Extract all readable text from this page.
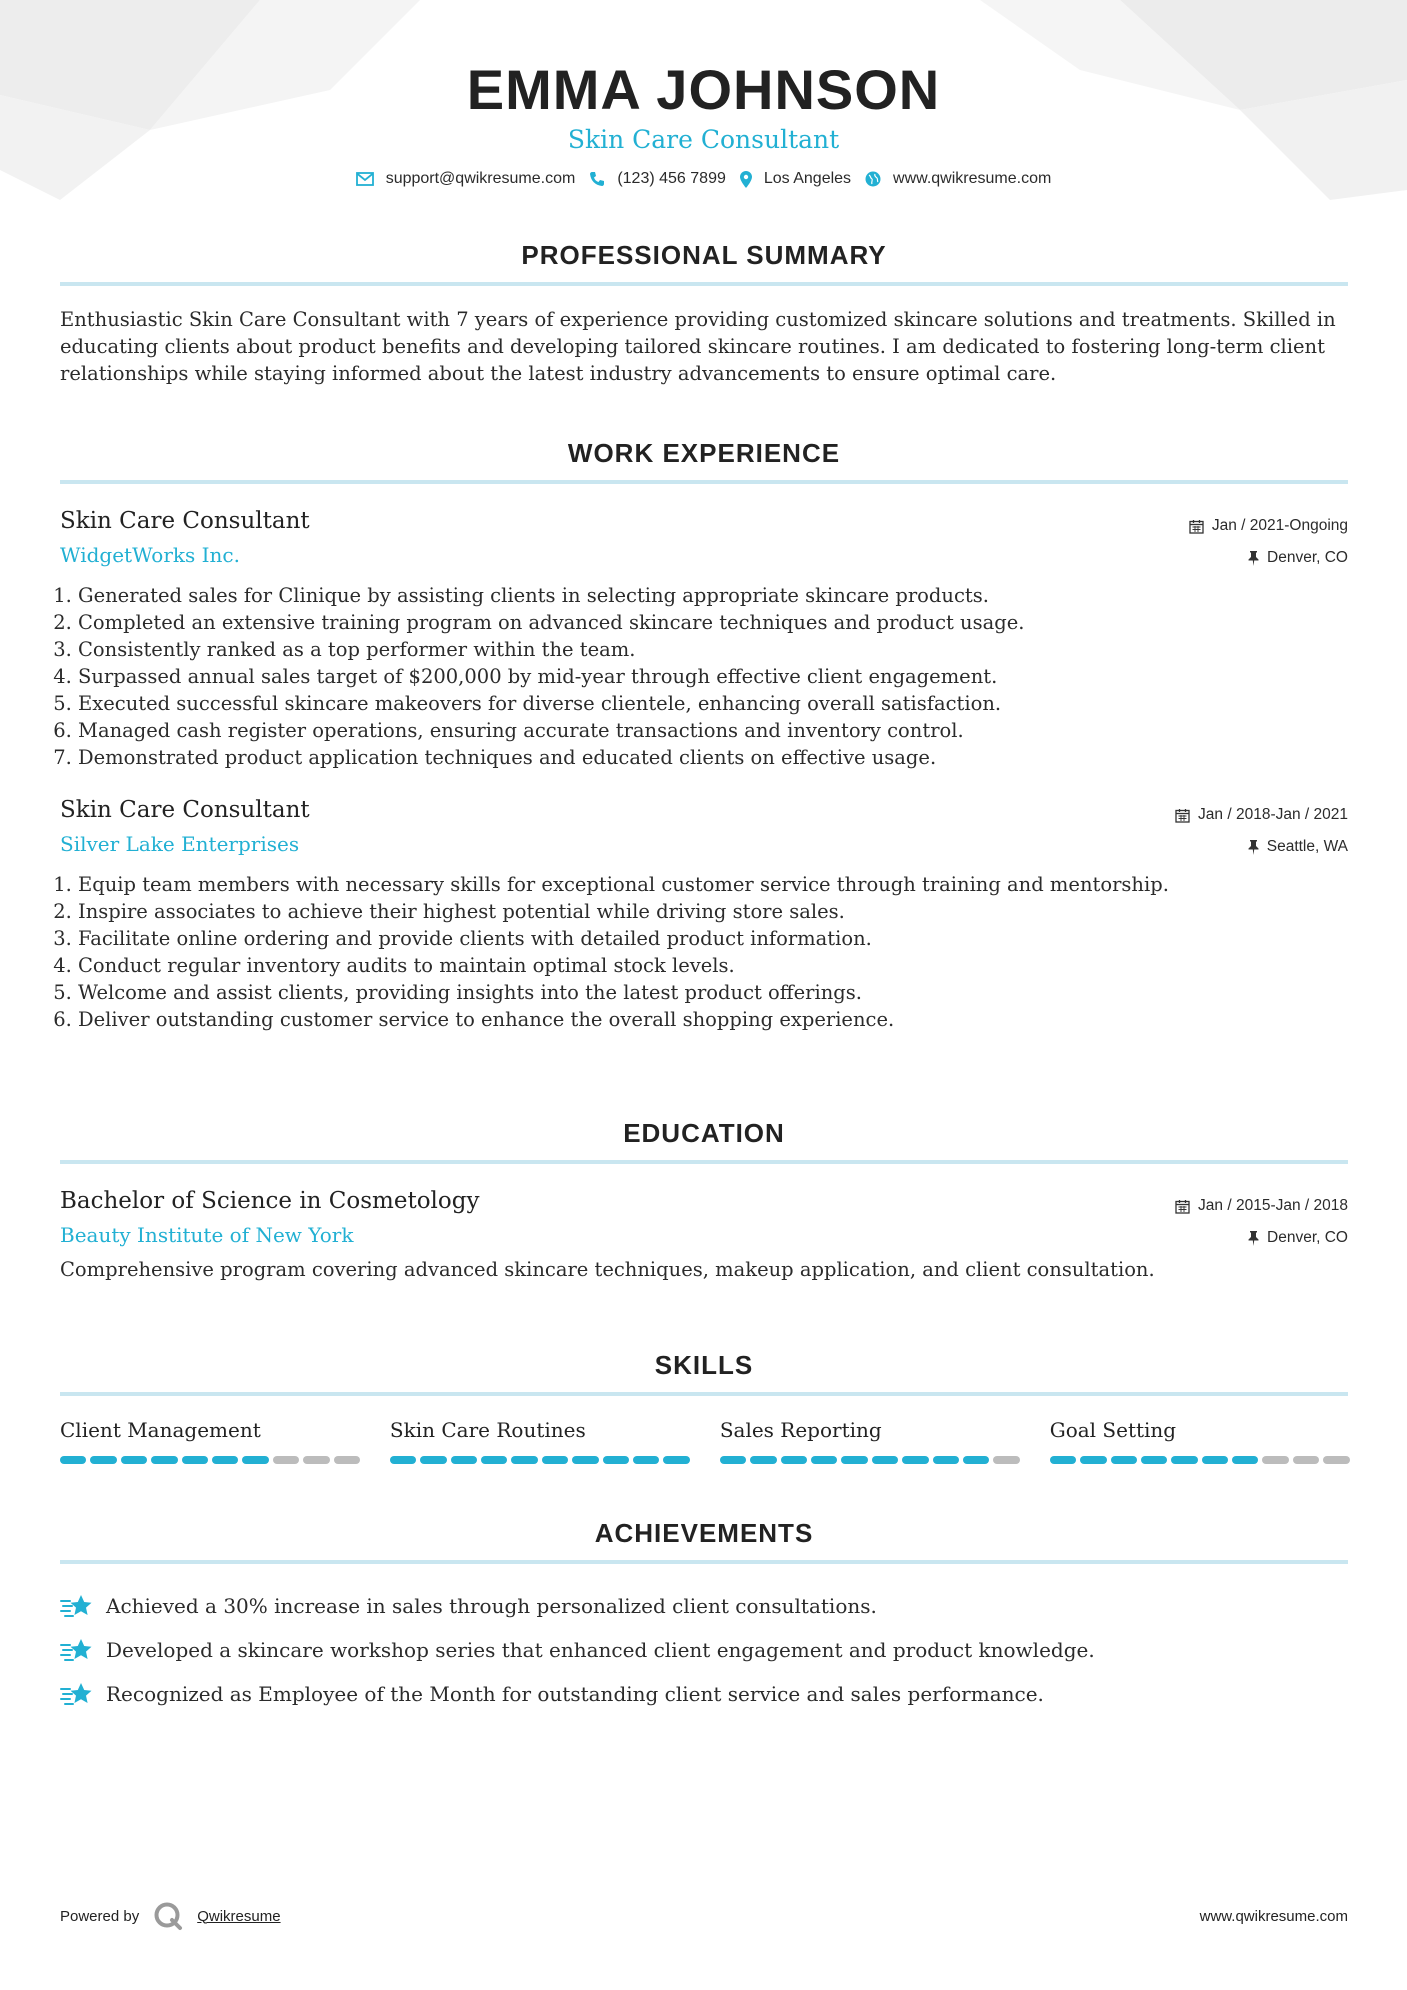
EMMA JOHNSON
Skin Care Consultant
support@qwikresume.com	(123) 456 7899 Los Angeles	www.qwikresume.com
PROFESSIONAL SUMMARY
Enthusiastic Skin Care Consultant with 7 years of experience providing customized skincare solutions and treatments. Skilled in educating clients about product benefits and developing tailored skincare routines. I am dedicated to fostering long-term client relationships while staying informed about the latest industry advancements to ensure optimal care.
WORK EXPERIENCE
Skin Care Consultant
WidgetWorks Inc.
Jan / 2021-Ongoing
Denver, CO
1. Generated sales for Clinique by assisting clients in selecting appropriate skincare products.
2. Completed an extensive training program on advanced skincare techniques and product usage.
3. Consistently ranked as a top performer within the team.
4. Surpassed annual sales target of $200,000 by mid-year through effective client engagement.
5. Executed successful skincare makeovers for diverse clientele, enhancing overall satisfaction.
6. Managed cash register operations, ensuring accurate transactions and inventory control.
7. Demonstrated product application techniques and educated clients on effective usage.
Skin Care Consultant
Silver Lake Enterprises
Jan / 2018-Jan / 2021
Seattle, WA
1. Equip team members with necessary skills for exceptional customer service through training and mentorship.
2. Inspire associates to achieve their highest potential while driving store sales.
3. Facilitate online ordering and provide clients with detailed product information.
4. Conduct regular inventory audits to maintain optimal stock levels.
5. Welcome and assist clients, providing insights into the latest product offerings.
6. Deliver outstanding customer service to enhance the overall shopping experience.
EDUCATION
Bachelor of Science in Cosmetology
Beauty Institute of New York
Jan / 2015-Jan / 2018
Denver, CO
Comprehensive program covering advanced skincare techniques, makeup application, and client consultation.
SKILLS
Client Management	Skin Care Routines	Sales Reporting	Goal Setting
ACHIEVEMENTS
Achieved a 30% increase in sales through personalized client consultations.
Developed a skincare workshop series that enhanced client engagement and product knowledge.
Recognized as Employee of the Month for outstanding client service and sales performance.
Powered by	Qwikresume	www.qwikresume.com
